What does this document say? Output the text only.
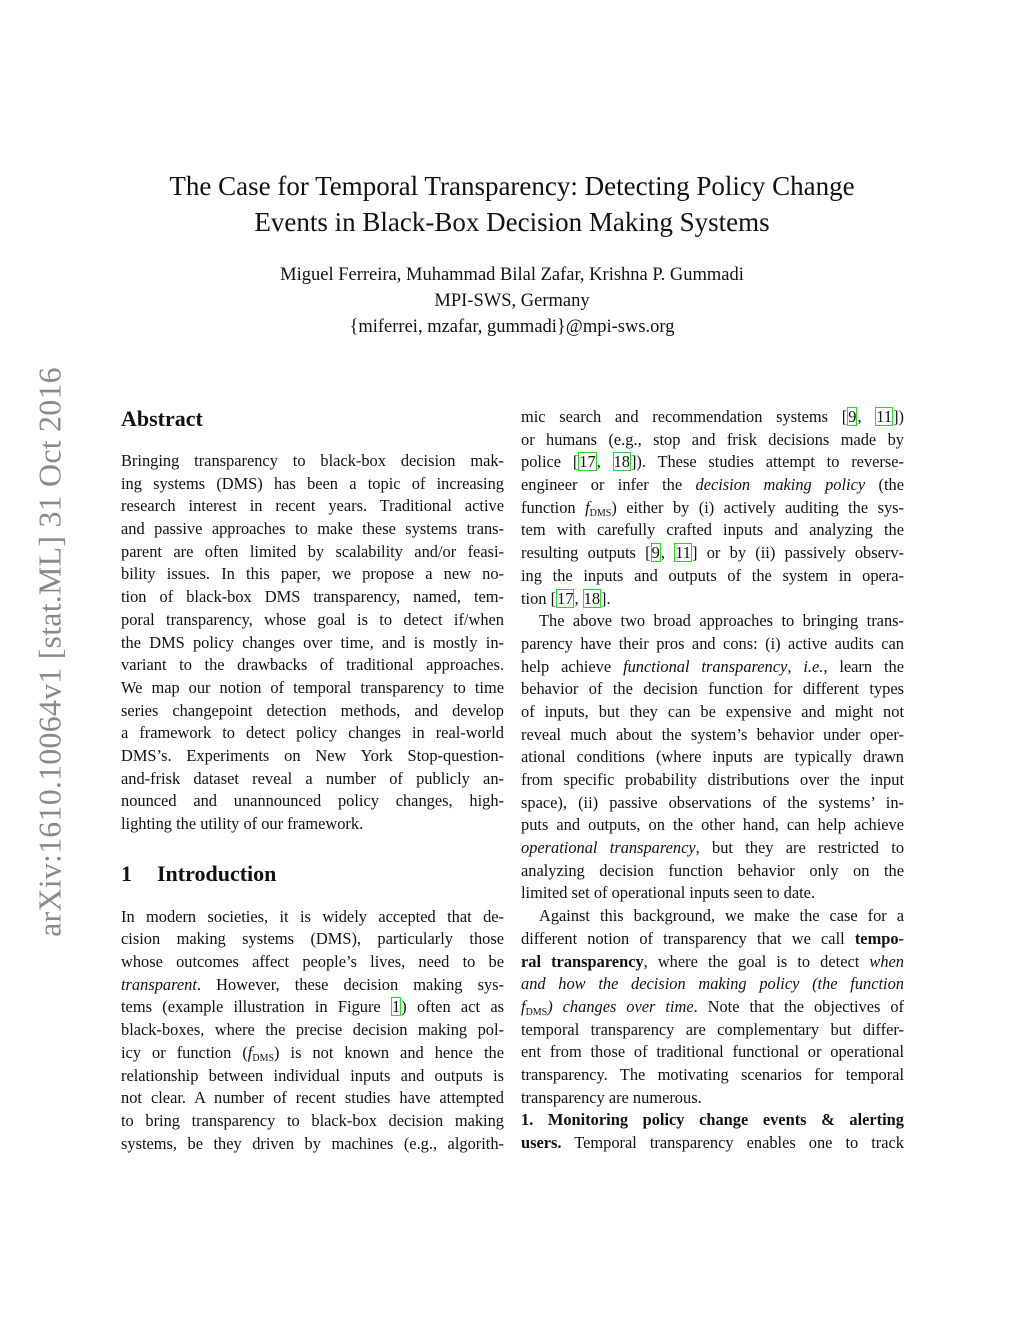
arXiv:1610.10064v1 [stat.ML] 31 Oct 2016
The Case for Temporal Transparency: Detecting Policy Change
Events in Black-Box Decision Making Systems
Miguel Ferreira, Muhammad Bilal Zafar, Krishna P. Gummadi
MPI-SWS, Germany
{miferrei, mzafar, gummadi}@mpi-sws.org
Abstract
Bringing transparency to black-box decision mak-
ing systems (DMS) has been a topic of increasing
research interest in recent years. Traditional active
and passive approaches to make these systems trans-
parent are often limited by scalability and/or feasi-
bility issues. In this paper, we propose a new no-
tion of black-box DMS transparency, named, tem-
poral transparency, whose goal is to detect if/when
the DMS policy changes over time, and is mostly in-
variant to the drawbacks of traditional approaches.
We map our notion of temporal transparency to time
series changepoint detection methods, and develop
a framework to detect policy changes in real-world
DMS’s. Experiments on New York Stop-question-
and-frisk dataset reveal a number of publicly an-
nounced and unannounced policy changes, high-
lighting the utility of our framework.
1 Introduction
In modern societies, it is widely accepted that de-
cision making systems (DMS), particularly those
whose outcomes affect people’s lives, need to be
transparent. However, these decision making sys-
tems (example illustration in Figure 1) often act as
black-boxes, where the precise decision making pol-
icy or function $(f_{DMS})$ is not known and hence the
relationship between individual inputs and outputs is
not clear. A number of recent studies have attempted
to bring transparency to black-box decision making
systems, be they driven by machines (e.g., algorith-
mic search and recommendation systems [9, 11])
or humans (e.g., stop and frisk decisions made by
police [17, 18]). These studies attempt to reverse-
engineer or infer the decision making policy (the
function $f_{DMS}$) either by (i) actively auditing the sys-
tem with carefully crafted inputs and analyzing the
resulting outputs [9, 11] or by (ii) passively observ-
ing the inputs and outputs of the system in opera-
tion [17, 18].
The above two broad approaches to bringing trans-
parency have their pros and cons: (i) active audits can
help achieve functional transparency, i.e., learn the
behavior of the decision function for different types
of inputs, but they can be expensive and might not
reveal much about the system’s behavior under oper-
ational conditions (where inputs are typically drawn
from specific probability distributions over the input
space), (ii) passive observations of the systems’ in-
puts and outputs, on the other hand, can help achieve
operational transparency, but they are restricted to
analyzing decision function behavior only on the
limited set of operational inputs seen to date.
Against this background, we make the case for a
different notion of transparency that we call tempo-
ral transparency, where the goal is to detect when
and how the decision making policy (the function
$f_{DMS}$) changes over time. Note that the objectives of
temporal transparency are complementary but differ-
ent from those of traditional functional or operational
transparency. The motivating scenarios for temporal
transparency are numerous.
1. Monitoring policy change events & alerting
users. Temporal transparency enables one to track
